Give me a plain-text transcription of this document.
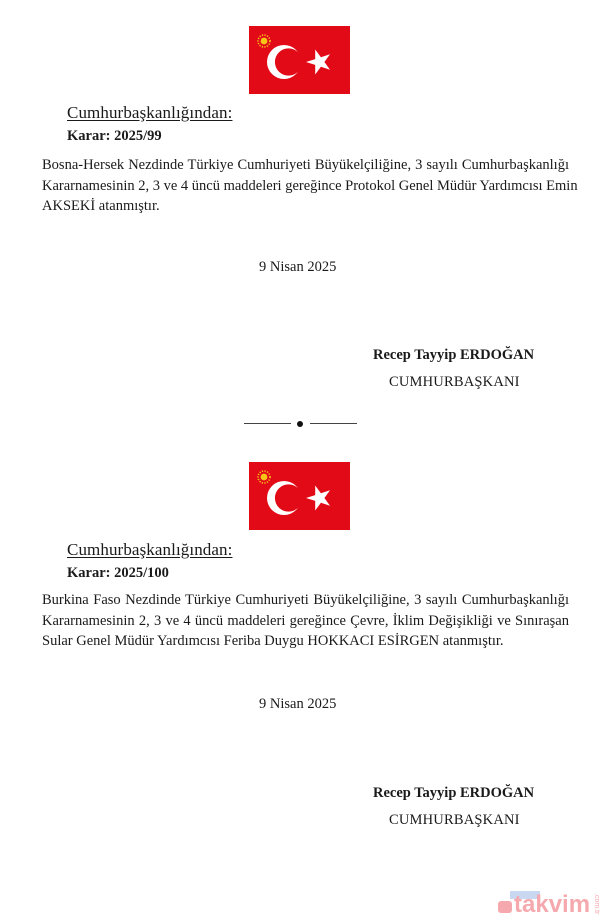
Cumhurbaşkanlığından:
Karar: 2025/99
Bosna-Hersek Nezdinde Türkiye Cumhuriyeti Büyükelçiliğine, 3 sayılı Cumhurbaşkanlığı
Kararnamesinin 2, 3 ve 4 üncü maddeleri gereğince Protokol Genel Müdür Yardımcısı Emin
AKSEKİ atanmıştır.
9 Nisan 2025
Recep Tayyip ERDOĞAN
CUMHURBAŞKANI
Cumhurbaşkanlığından:
Karar: 2025/100
Burkina Faso Nezdinde Türkiye Cumhuriyeti Büyükelçiliğine, 3 sayılı Cumhurbaşkanlığı
Kararnamesinin 2, 3 ve 4 üncü maddeleri gereğince Çevre, İklim Değişikliği ve Sınıraşan
Sular Genel Müdür Yardımcısı Feriba Duygu HOKKACI ESİRGEN atanmıştır.
9 Nisan 2025
Recep Tayyip ERDOĞAN
CUMHURBAŞKANI
takvim .com.tr
